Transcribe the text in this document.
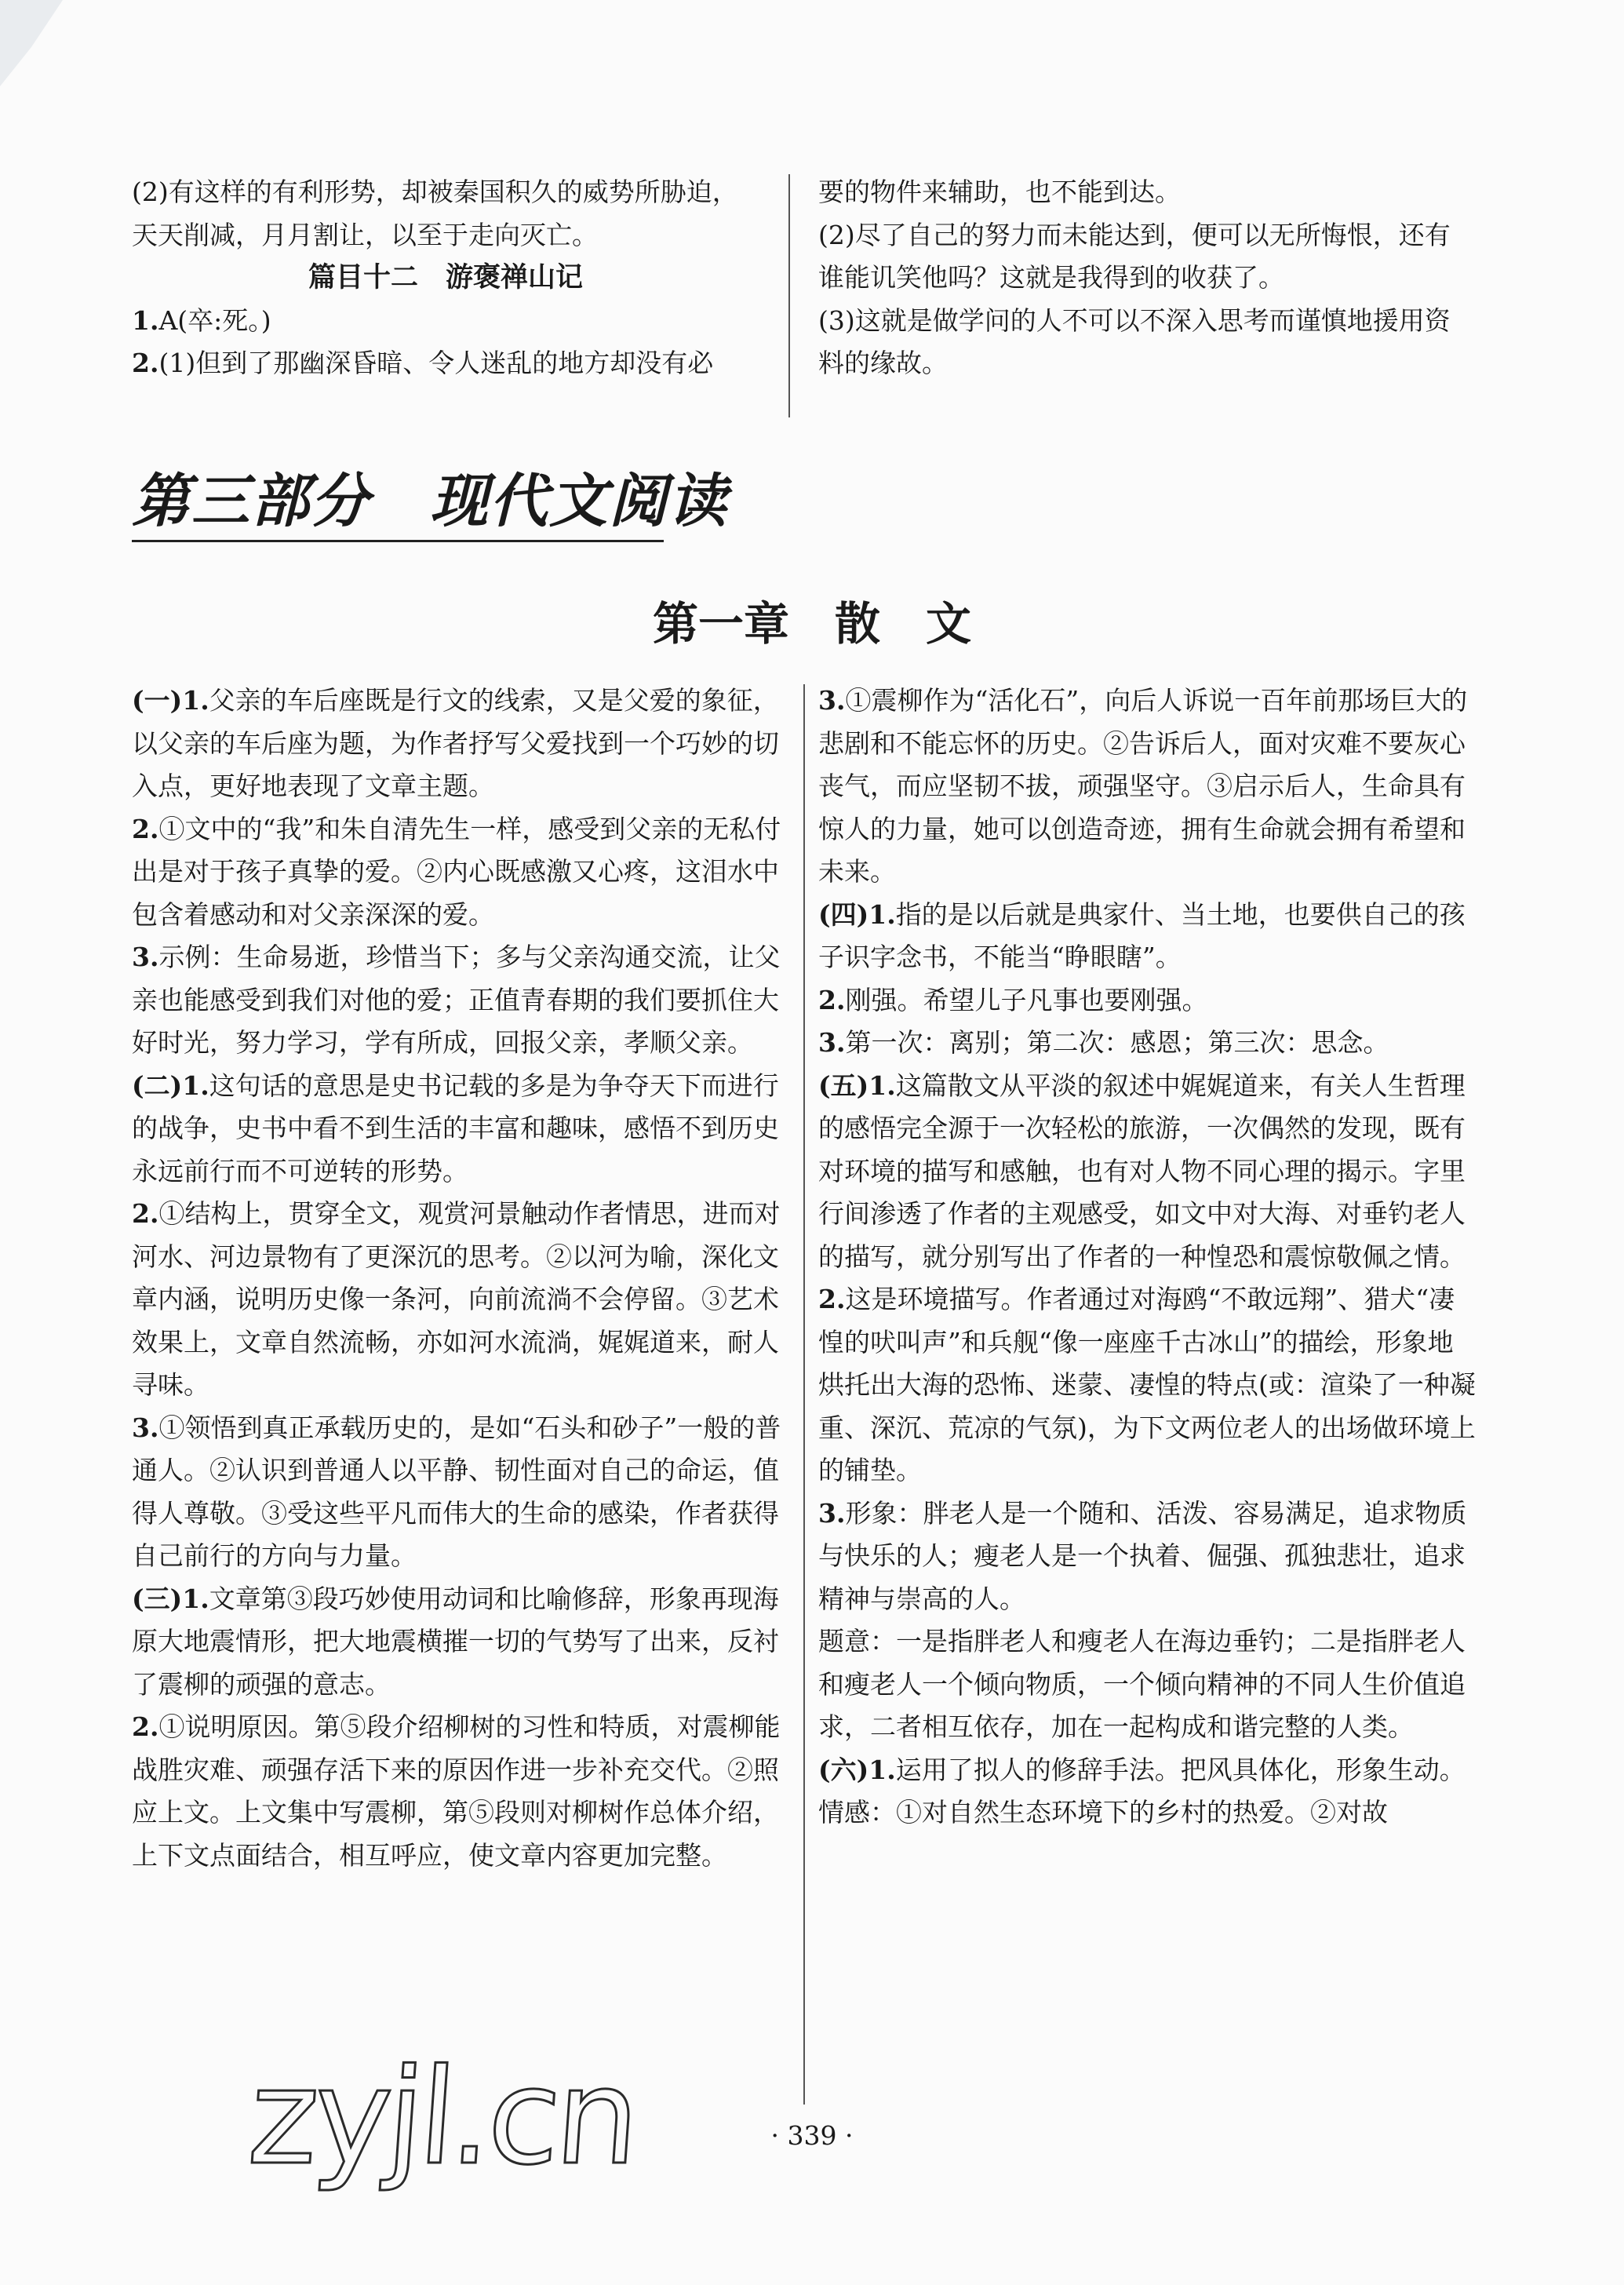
(2)有这样的有利形势，却被秦国积久的威势所胁迫，天天削减，月月割让，以至于走向灭亡。

篇目十二　游褒禅山记

1.A(卒:死。)

2.(1)但到了那幽深昏暗、令人迷乱的地方却没有必

要的物件来辅助，也不能到达。

(2)尽了自己的努力而未能达到，便可以无所悔恨，还有谁能讥笑他吗？这就是我得到的收获了。

(3)这就是做学问的人不可以不深入思考而谨慎地援用资料的缘故。

第三部分　现代文阅读
第一章　散　文

(一)1.父亲的车后座既是行文的线索，又是父爱的象征，以父亲的车后座为题，为作者抒写父爱找到一个巧妙的切入点，更好地表现了文章主题。

2.①文中的“我”和朱自清先生一样，感受到父亲的无私付出是对于孩子真挚的爱。②内心既感激又心疼，这泪水中包含着感动和对父亲深深的爱。

3.示例：生命易逝，珍惜当下；多与父亲沟通交流，让父亲也能感受到我们对他的爱；正值青春期的我们要抓住大好时光，努力学习，学有所成，回报父亲，孝顺父亲。

(二)1.这句话的意思是史书记载的多是为争夺天下而进行的战争，史书中看不到生活的丰富和趣味，感悟不到历史永远前行而不可逆转的形势。

2.①结构上，贯穿全文，观赏河景触动作者情思，进而对河水、河边景物有了更深沉的思考。②以河为喻，深化文章内涵，说明历史像一条河，向前流淌不会停留。③艺术效果上，文章自然流畅，亦如河水流淌，娓娓道来，耐人寻味。

3.①领悟到真正承载历史的，是如“石头和砂子”一般的普通人。②认识到普通人以平静、韧性面对自己的命运，值得人尊敬。③受这些平凡而伟大的生命的感染，作者获得自己前行的方向与力量。

(三)1.文章第③段巧妙使用动词和比喻修辞，形象再现海原大地震情形，把大地震横摧一切的气势写了出来，反衬了震柳的顽强的意志。

2.①说明原因。第⑤段介绍柳树的习性和特质，对震柳能战胜灾难、顽强存活下来的原因作进一步补充交代。②照应上文。上文集中写震柳，第⑤段则对柳树作总体介绍，上下文点面结合，相互呼应，使文章内容更加完整。

3.①震柳作为“活化石”，向后人诉说一百年前那场巨大的悲剧和不能忘怀的历史。②告诉后人，面对灾难不要灰心丧气，而应坚韧不拔，顽强坚守。③启示后人，生命具有惊人的力量，她可以创造奇迹，拥有生命就会拥有希望和未来。

(四)1.指的是以后就是典家什、当土地，也要供自己的孩子识字念书，不能当“睁眼瞎”。

2.刚强。希望儿子凡事也要刚强。

3.第一次：离别；第二次：感恩；第三次：思念。

(五)1.这篇散文从平淡的叙述中娓娓道来，有关人生哲理的感悟完全源于一次轻松的旅游，一次偶然的发现，既有对环境的描写和感触，也有对人物不同心理的揭示。字里行间渗透了作者的主观感受，如文中对大海、对垂钓老人的描写，就分别写出了作者的一种惶恐和震惊敬佩之情。

2.这是环境描写。作者通过对海鸥“不敢远翔”、猎犬“凄惶的吠叫声”和兵舰“像一座座千古冰山”的描绘，形象地烘托出大海的恐怖、迷蒙、凄惶的特点(或：渲染了一种凝重、深沉、荒凉的气氛)，为下文两位老人的出场做环境上的铺垫。

3.形象：胖老人是一个随和、活泼、容易满足，追求物质与快乐的人；瘦老人是一个执着、倔强、孤独悲壮，追求精神与崇高的人。

题意：一是指胖老人和瘦老人在海边垂钓；二是指胖老人和瘦老人一个倾向物质，一个倾向精神的不同人生价值追求，二者相互依存，加在一起构成和谐完整的人类。

(六)1.运用了拟人的修辞手法。把风具体化，形象生动。

情感：①对自然生态环境下的乡村的热爱。②对故

· 339 ·
zyjl.cn
